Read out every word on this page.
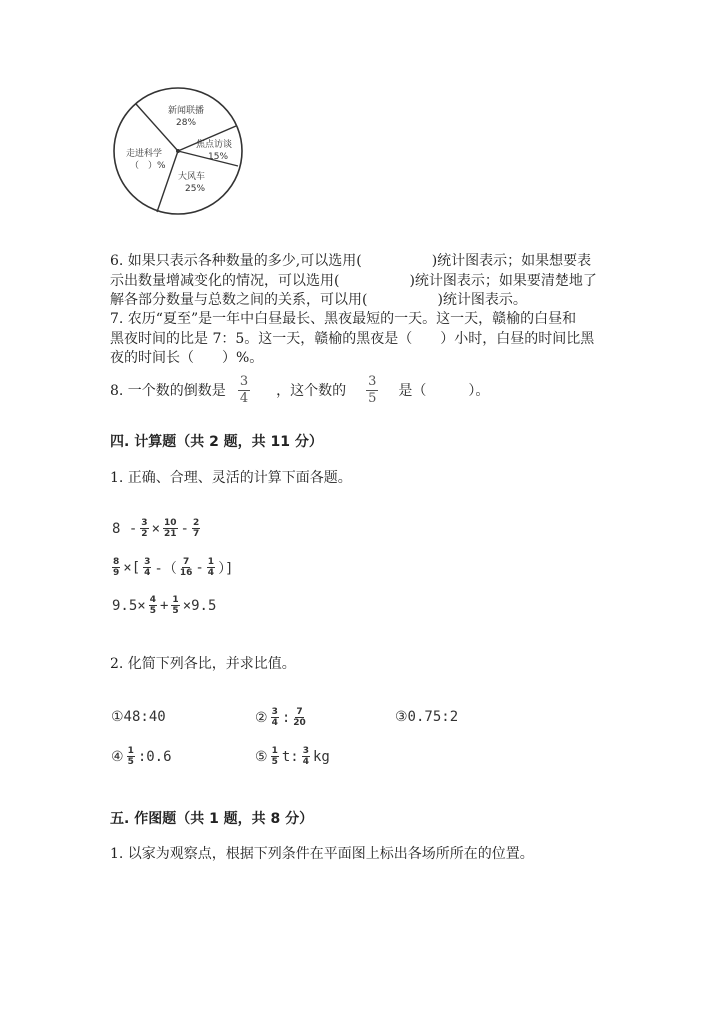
新闻联播
28%
焦点访谈
15%
大风车
25%
走进科学
（　）%
6. 如果只表示各种数量的多少,可以选用(　　　　　)统计图表示；如果想要表
示出数量增减变化的情况，可以选用(　　　　　)统计图表示；如果要清楚地了
解各部分数量与总数之间的关系，可以用(　　　　　)统计图表示。
7. 农历“夏至”是一年中白昼最长、黑夜最短的一天。这一天，赣榆的白昼和
黑夜时间的比是 7：5。这一天，赣榆的黑夜是（　　）小时，白昼的时间比黑
夜的时间长（　　）%。
8. 一个数的倒数是 $\frac{3}{4}$ ，这个数的 $\frac{3}{5}$ 是（　　　）。
四. 计算题（共 2 题，共 11 分）
1. 正确、合理、灵活的计算下面各题。
$8 - \frac{3}{2} \times \frac{10}{21} - \frac{2}{7}$
$\frac{8}{9}$ ×[ $\frac{3}{4}$ -（ $\frac{7}{16} - \frac{1}{4}$ ）]
$9.5\times \frac{4}{5} + \frac{1}{5} \times 9.5$
2. 化简下列各比，并求比值。
①48:40	② $\frac{3}{4}$ : $\frac{7}{20}$	③0.75:2
④ $\frac{1}{5}$ :0.6	⑤ $\frac{1}{5} t$: $\frac{3}{4}$ kg
五. 作图题（共 1 题，共 8 分）
1. 以家为观察点，根据下列条件在平面图上标出各场所所在的位置。
